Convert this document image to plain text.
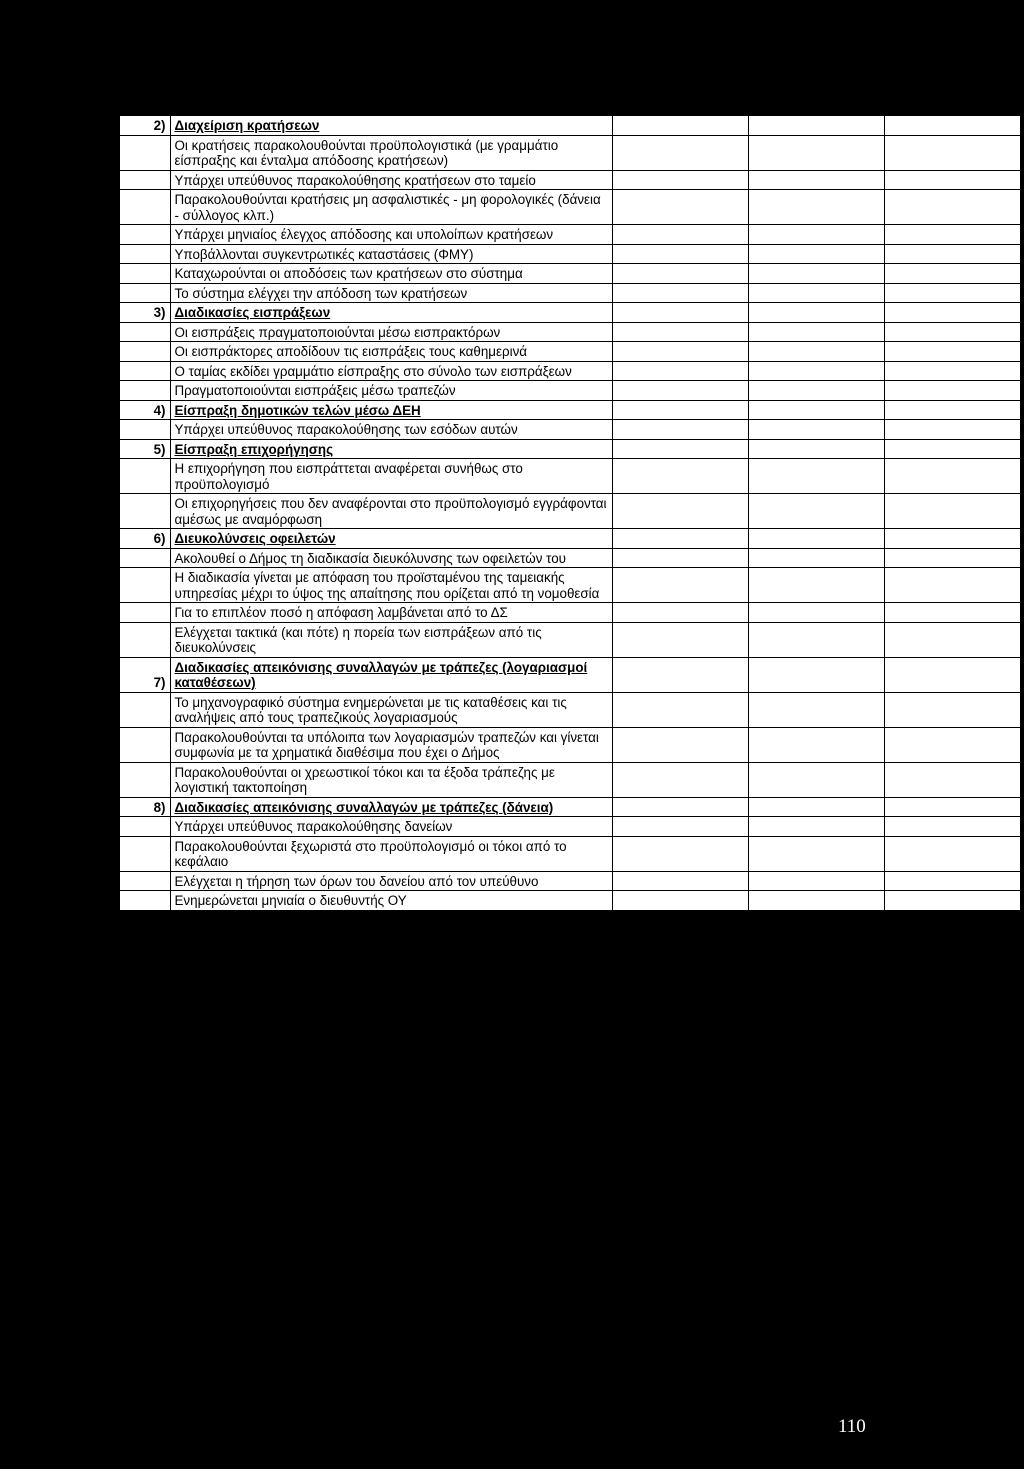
2)	Διαχείριση κρατήσεων			
	Οι κρατήσεις παρακολουθούνται προϋπολογιστικά (με γραμμάτιο είσπραξης και ένταλμα απόδοσης κρατήσεων)			
	Υπάρχει υπεύθυνος παρακολούθησης κρατήσεων στο ταμείο			
	Παρακολουθούνται κρατήσεις μη ασφαλιστικές - μη φορολογικές (δάνεια - σύλλογος κλπ.)			
	Υπάρχει μηνιαίος έλεγχος απόδοσης και υπολοίπων κρατήσεων			
	Υποβάλλονται συγκεντρωτικές καταστάσεις (ΦΜΥ)			
	Καταχωρούνται οι αποδόσεις των κρατήσεων στο σύστημα			
	Το σύστημα ελέγχει την απόδοση των κρατήσεων			
3)	Διαδικασίες εισπράξεων			
	Οι εισπράξεις πραγματοποιούνται μέσω εισπρακτόρων			
	Οι εισπράκτορες αποδίδουν τις εισπράξεις τους καθημερινά			
	Ο ταμίας εκδίδει γραμμάτιο είσπραξης στο σύνολο των εισπράξεων			
	Πραγματοποιούνται εισπράξεις μέσω τραπεζών			
4)	Είσπραξη δημοτικών τελών μέσω ΔΕΗ			
	Υπάρχει υπεύθυνος παρακολούθησης των εσόδων αυτών			
5)	Είσπραξη επιχορήγησης			
	Η επιχορήγηση που εισπράττεται αναφέρεται συνήθως στο προϋπολογισμό			
	Οι επιχορηγήσεις που δεν αναφέρονται στο προϋπολογισμό εγγράφονται αμέσως με αναμόρφωση			
6)	Διευκολύνσεις οφειλετών			
	Ακολουθεί ο Δήμος τη διαδικασία διευκόλυνσης των οφειλετών του			
	Η διαδικασία γίνεται με απόφαση του προϊσταμένου της ταμειακής υπηρεσίας μέχρι το ύψος της απαίτησης που ορίζεται από τη νομοθεσία			
	Για το επιπλέον ποσό η απόφαση λαμβάνεται από το ΔΣ			
	Ελέγχεται τακτικά (και πότε) η πορεία των εισπράξεων από τις διευκολύνσεις			
7)	Διαδικασίες απεικόνισης συναλλαγών με τράπεζες (λογαριασμοί καταθέσεων)			
	Το μηχανογραφικό σύστημα ενημερώνεται με τις καταθέσεις και τις αναλήψεις από τους τραπεζικούς λογαριασμούς			
	Παρακολουθούνται τα υπόλοιπα των λογαριασμών τραπεζών και γίνεται συμφωνία με τα χρηματικά διαθέσιμα που έχει ο Δήμος			
	Παρακολουθούνται οι χρεωστικοί τόκοι και τα έξοδα τράπεζης με λογιστική τακτοποίηση			
8)	Διαδικασίες απεικόνισης συναλλαγών με τράπεζες (δάνεια)			
	Υπάρχει υπεύθυνος παρακολούθησης δανείων			
	Παρακολουθούνται ξεχωριστά στο προϋπολογισμό οι τόκοι από το κεφάλαιο			
	Ελέγχεται η τήρηση των όρων του δανείου από τον υπεύθυνο			
	Ενημερώνεται μηνιαία ο διευθυντής ΟΥ			
110
